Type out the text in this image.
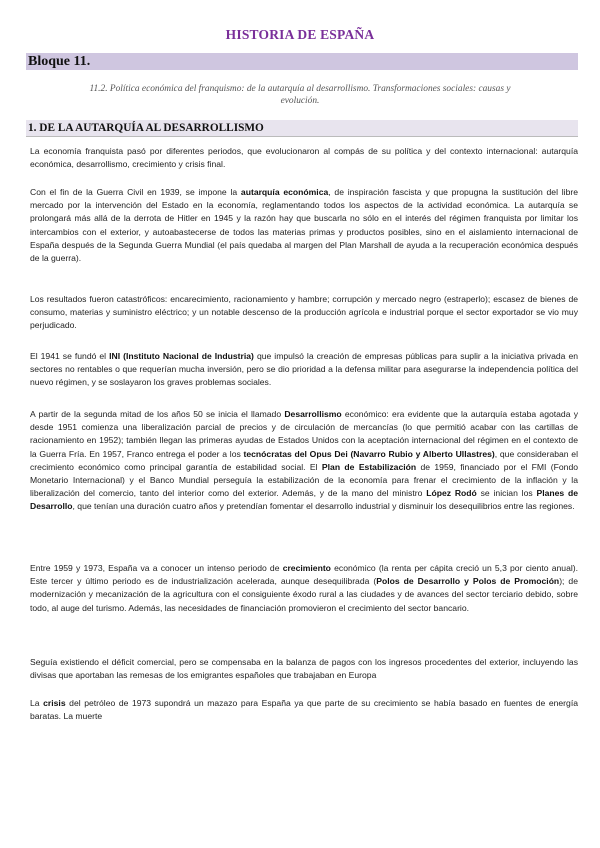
HISTORIA DE ESPAÑA
Bloque 11.
11.2. Política económica del franquismo: de la autarquía al desarrollismo. Transformaciones sociales: causas y evolución.
1. DE LA AUTARQUÍA AL DESARROLLISMO

La economía franquista pasó por diferentes periodos, que evolucionaron al compás de su política y del contexto internacional: autarquía económica, desarrollismo, crecimiento y crisis final.

Con el fin de la Guerra Civil en 1939, se impone la autarquía económica, de inspiración fascista y que propugna la sustitución del libre mercado por la intervención del Estado en la economía, reglamentando todos los aspectos de la actividad económica. La autarquía se prolongará más allá de la derrota de Hitler en 1945 y la razón hay que buscarla no sólo en el interés del régimen franquista por limitar los intercambios con el exterior, y autoabastecerse de todos las materias primas y productos posibles, sino en el aislamiento internacional de España después de la Segunda Guerra Mundial (el país quedaba al margen del Plan Marshall de ayuda a la recuperación económica después de la guerra).

Los resultados fueron catastróficos: encarecimiento, racionamiento y hambre; corrupción y mercado negro (estraperlo); escasez de bienes de consumo, materias y suministro eléctrico; y un notable descenso de la producción agrícola e industrial porque el sector exportador se vio muy perjudicado.

El 1941 se fundó el INI (Instituto Nacional de Industria) que impulsó la creación de empresas públicas para suplir a la iniciativa privada en sectores no rentables o que requerían mucha inversión, pero se dio prioridad a la defensa militar para asegurarse la independencia política del nuevo régimen, y se soslayaron los graves problemas sociales.

A partir de la segunda mitad de los años 50 se inicia el llamado Desarrollismo económico: era evidente que la autarquía estaba agotada y desde 1951 comienza una liberalización parcial de precios y de circulación de mercancías (lo que permitió acabar con las cartillas de racionamiento en 1952); también llegan las primeras ayudas de Estados Unidos con la aceptación internacional del régimen en el contexto de la Guerra Fría. En 1957, Franco entrega el poder a los tecnócratas del Opus Dei (Navarro Rubio y Alberto Ullastres), que consideraban el crecimiento económico como principal garantía de estabilidad social. El Plan de Estabilización de 1959, financiado por el FMI (Fondo Monetario Internacional) y el Banco Mundial perseguía la estabilización de la economía para frenar el crecimiento de la inflación y la liberalización del comercio, tanto del interior como del exterior. Además, y de la mano del ministro López Rodó se inician los Planes de Desarrollo, que tenían una duración cuatro años y pretendían fomentar el desarrollo industrial y disminuir los desequilibrios entre las regiones.

Entre 1959 y 1973, España va a conocer un intenso periodo de crecimiento económico (la renta per cápita creció un 5,3 por ciento anual). Este tercer y último periodo es de industrialización acelerada, aunque desequilibrada (Polos de Desarrollo y Polos de Promoción); de modernización y mecanización de la agricultura con el consiguiente éxodo rural a las ciudades y de avances del sector terciario debido, sobre todo, al auge del turismo. Además, las necesidades de financiación promovieron el crecimiento del sector bancario.

Seguía existiendo el déficit comercial, pero se compensaba en la balanza de pagos con los ingresos procedentes del exterior, incluyendo las divisas que aportaban las remesas de los emigrantes españoles que trabajaban en Europa

La crisis del petróleo de 1973 supondrá un mazazo para España ya que parte de su crecimiento se había basado en fuentes de energía baratas. La muerte
